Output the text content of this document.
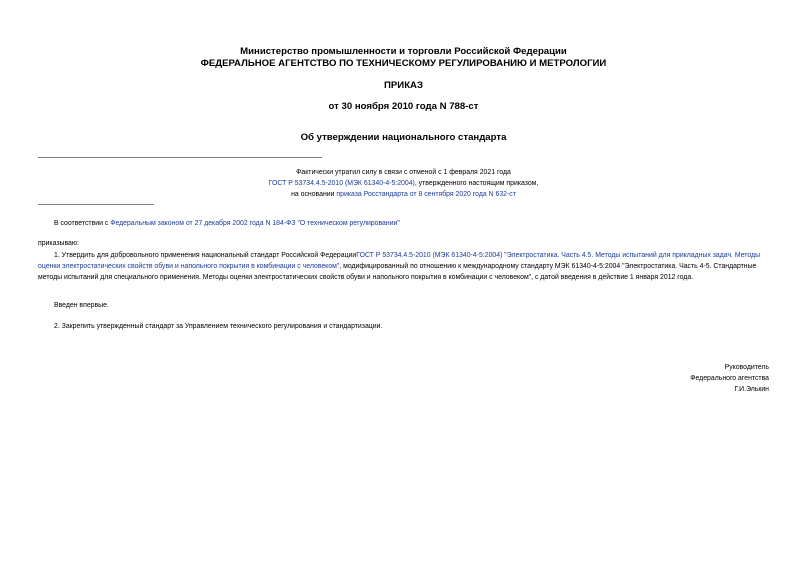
Министерство промышленности и торговли Российской Федерации
ФЕДЕРАЛЬНОЕ АГЕНТСТВО ПО ТЕХНИЧЕСКОМУ РЕГУЛИРОВАНИЮ И МЕТРОЛОГИИ
ПРИКАЗ
от 30 ноября 2010 года N 788-ст
Об утверждении национального стандарта
Фактически утратил силу в связи с отменой с 1 февраля 2021 года
ГОСТ Р 53734.4.5-2010 (МЭК 61340-4-5:2004), утвержденного настоящим приказом,
на основании приказа Росстандарта от 8 сентября 2020 года N 632-ст
В соответствии с Федеральным законом от 27 декабря 2002 года N 184-ФЗ "О техническом регулировании"
приказываю:
1. Утвердить для добровольного применения национальный стандарт Российской ФедерацииГОСТ Р 53734.4.5-2010 (МЭК 61340-4-5:2004) "Электростатика. Часть 4.5. Методы испытаний для прикладных задач. Методы оценки электростатических свойств обуви и напольного покрытия в комбинации с человеком", модифицированный по отношению к международному стандарту МЭК 61340-4-5:2004 "Электростатика. Часть 4-5. Стандартные методы испытаний для специального применения. Методы оценки электростатических свойств обуви и напольного покрытия в комбинации с человеком", с датой введения в действие 1 января 2012 года.
Введен впервые.
2. Закрепить утвержденный стандарт за Управлением технического регулирования и стандартизации.
Руководитель
Федерального агентства
Г.И.Элькин
